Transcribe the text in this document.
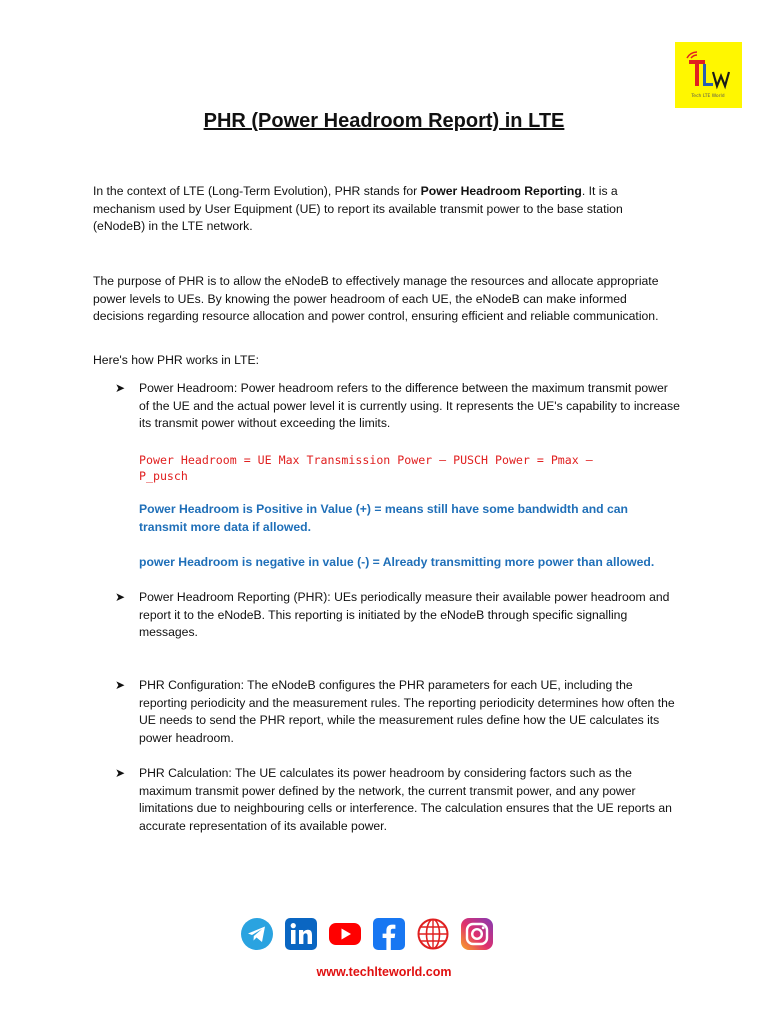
Tech LTE World
PHR (Power Headroom Report) in LTE
In the context of LTE (Long-Term Evolution), PHR stands for Power Headroom Reporting. It is a mechanism used by User Equipment (UE) to report its available transmit power to the base station (eNodeB) in the LTE network.
The purpose of PHR is to allow the eNodeB to effectively manage the resources and allocate appropriate power levels to UEs. By knowing the power headroom of each UE, the eNodeB can make informed decisions regarding resource allocation and power control, ensuring efficient and reliable communication.
Here's how PHR works in LTE:
➤	Power Headroom: Power headroom refers to the difference between the maximum transmit power of the UE and the actual power level it is currently using. It represents the UE's capability to increase its transmit power without exceeding the limits.
Power Headroom = UE Max Transmission Power – PUSCH Power = Pmax – P_pusch
Power Headroom is Positive in Value (+) = means still have some bandwidth and can transmit more data if allowed.
power Headroom is negative in value (-) = Already transmitting more power than allowed.
➤	Power Headroom Reporting (PHR): UEs periodically measure their available power headroom and report it to the eNodeB. This reporting is initiated by the eNodeB through specific signalling messages.
➤	PHR Configuration: The eNodeB configures the PHR parameters for each UE, including the reporting periodicity and the measurement rules. The reporting periodicity determines how often the UE needs to send the PHR report, while the measurement rules define how the UE calculates its power headroom.
➤	PHR Calculation: The UE calculates its power headroom by considering factors such as the maximum transmit power defined by the network, the current transmit power, and any power limitations due to neighbouring cells or interference. The calculation ensures that the UE reports an accurate representation of its available power.
www.techlteworld.com
